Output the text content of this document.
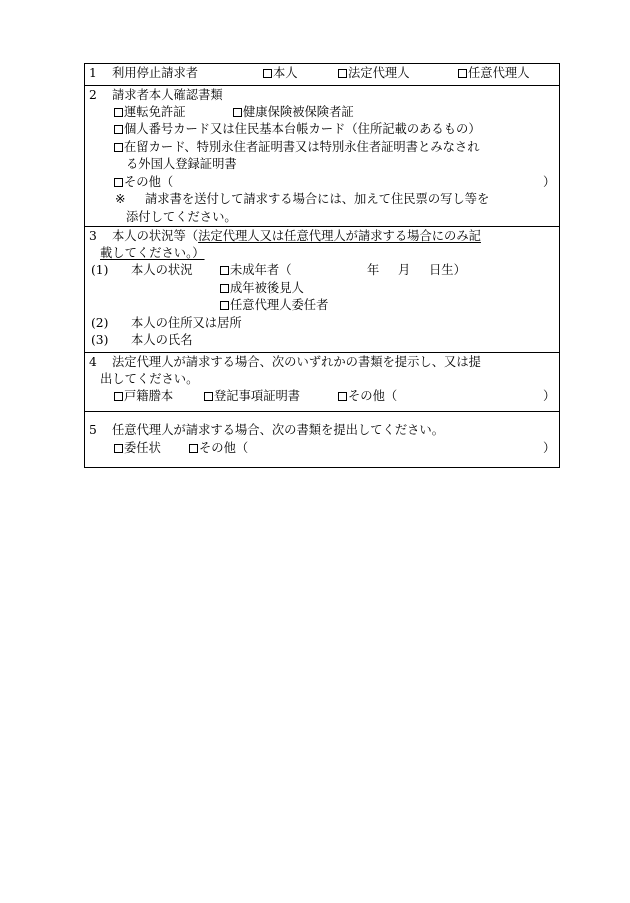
1 利用停止請求者	本人	法定代理人	任意代理人
2 請求者本人確認書類
運転免許証	健康保険被保険者証
個人番号カード又は住民基本台帳カード（住所記載のあるもの）
在留カード、特別永住者証明書又は特別永住者証明書とみなされ
る外国人登録証明書
その他（	）
※ 請求書を送付して請求する場合には、加えて住民票の写し等を
添付してください。
3 本人の状況等（法定代理人又は任意代理人が請求する場合にのみ記
載してください。）
(1) 本人の状況	未成年者（	年 月 日生）
成年被後見人
任意代理人委任者
(2) 本人の住所又は居所
(3) 本人の氏名
4 法定代理人が請求する場合、次のいずれかの書類を提示し、又は提
出してください。
戸籍謄本	登記事項証明書	その他（	）
5 任意代理人が請求する場合、次の書類を提出してください。
委任状	その他（	）
